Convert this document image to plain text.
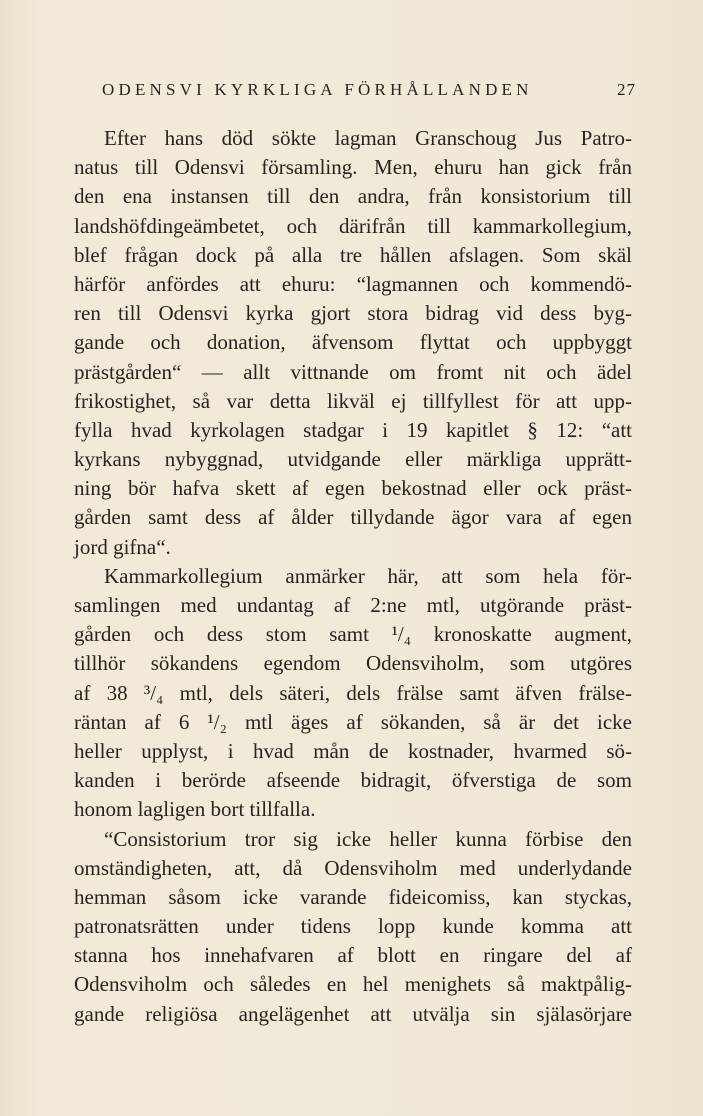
ODENSVI KYRKLIGA FÖRHÅLLANDEN	27
Efter hans död sökte lagman Granschoug Jus Patro-
natus till Odensvi församling. Men, ehuru han gick från
den ena instansen till den andra, från konsistorium till
landshöfdingeämbetet, och därifrån till kammarkollegium,
blef frågan dock på alla tre hållen afslagen. Som skäl
härför anfördes att ehuru: “lagmannen och kommendö-
ren till Odensvi kyrka gjort stora bidrag vid dess byg-
gande och donation, äfvensom flyttat och uppbyggt
prästgården“ — allt vittnande om fromt nit och ädel
frikostighet, så var detta likväl ej tillfyllest för att upp-
fylla hvad kyrkolagen stadgar i 19 kapitlet § 12: “att
kyrkans nybyggnad, utvidgande eller märkliga upprätt-
ning bör hafva skett af egen bekostnad eller ock präst-
gården samt dess af ålder tillydande ägor vara af egen
jord gifna“.
Kammarkollegium anmärker här, att som hela för-
samlingen med undantag af 2:ne mtl, utgörande präst-
gården och dess stom samt ¹/₄ kronoskatte augment,
tillhör sökandens egendom Odensviholm, som utgöres
af 38 ³/₄ mtl, dels säteri, dels frälse samt äfven frälse-
räntan af 6 ¹/₂ mtl äges af sökanden, så är det icke
heller upplyst, i hvad mån de kostnader, hvarmed sö-
kanden i berörde afseende bidragit, öfverstiga de som
honom lagligen bort tillfalla.
“Consistorium tror sig icke heller kunna förbise den
omständigheten, att, då Odensviholm med underlydande
hemman såsom icke varande fideicomiss, kan styckas,
patronatsrätten under tidens lopp kunde komma att
stanna hos innehafvaren af blott en ringare del af
Odensviholm och således en hel menighets så maktpålig-
gande religiösa angelägenhet att utvälja sin själasörjare
